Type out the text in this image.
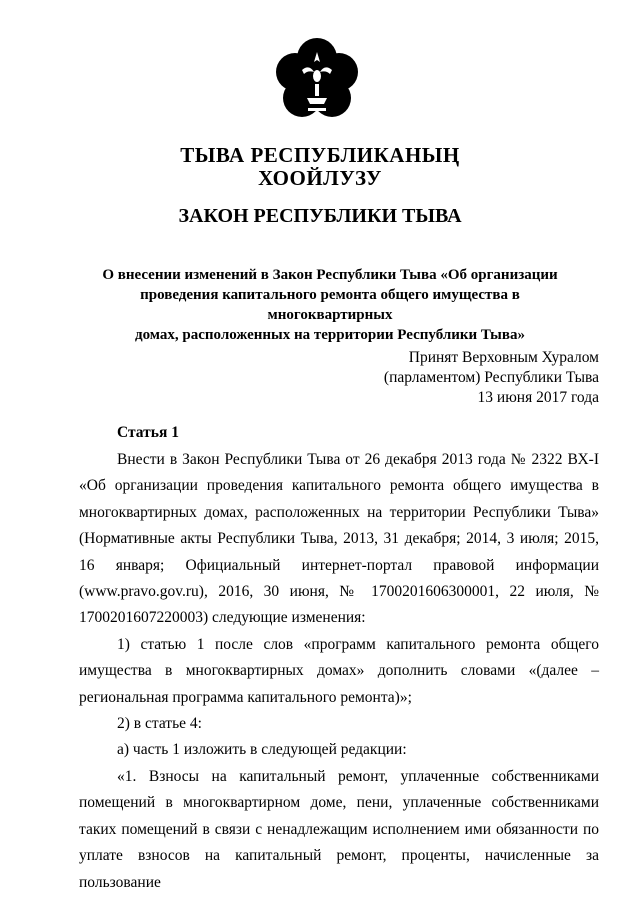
ТЫВА РЕСПУБЛИКАНЫҢ
ХООЙЛУЗУ
ЗАКОН РЕСПУБЛИКИ ТЫВА
О внесении изменений в Закон Республики Тыва «Об организации
проведения капитального ремонта общего имущества в многоквартирных
домах, расположенных на территории Республики Тыва»
Принят Верховным Хуралом
(парламентом) Республики Тыва
13 июня 2017 года
Статья 1

Внести в Закон Республики Тыва от 26 декабря 2013 года № 2322 ВХ-I «Об организации проведения капитального ремонта общего имущества в многоквартирных домах, расположенных на территории Республики Тыва» (Нормативные акты Республики Тыва, 2013, 31 декабря; 2014, 3 июля; 2015, 16 января; Официальный интернет-портал правовой информации (www.pravo.gov.ru), 2016, 30 июня, № 1700201606300001, 22 июля, № 1700201607220003) следующие изменения:

1) статью 1 после слов «программ капитального ремонта общего имущества в многоквартирных домах» дополнить словами «(далее – региональная программа капитального ремонта)»;

2) в статье 4:

а) часть 1 изложить в следующей редакции:

«1. Взносы на капитальный ремонт, уплаченные собственниками помещений в многоквартирном доме, пени, уплаченные собственниками таких помещений в связи с ненадлежащим исполнением ими обязанности по уплате взносов на капитальный ремонт, проценты, начисленные за пользование
